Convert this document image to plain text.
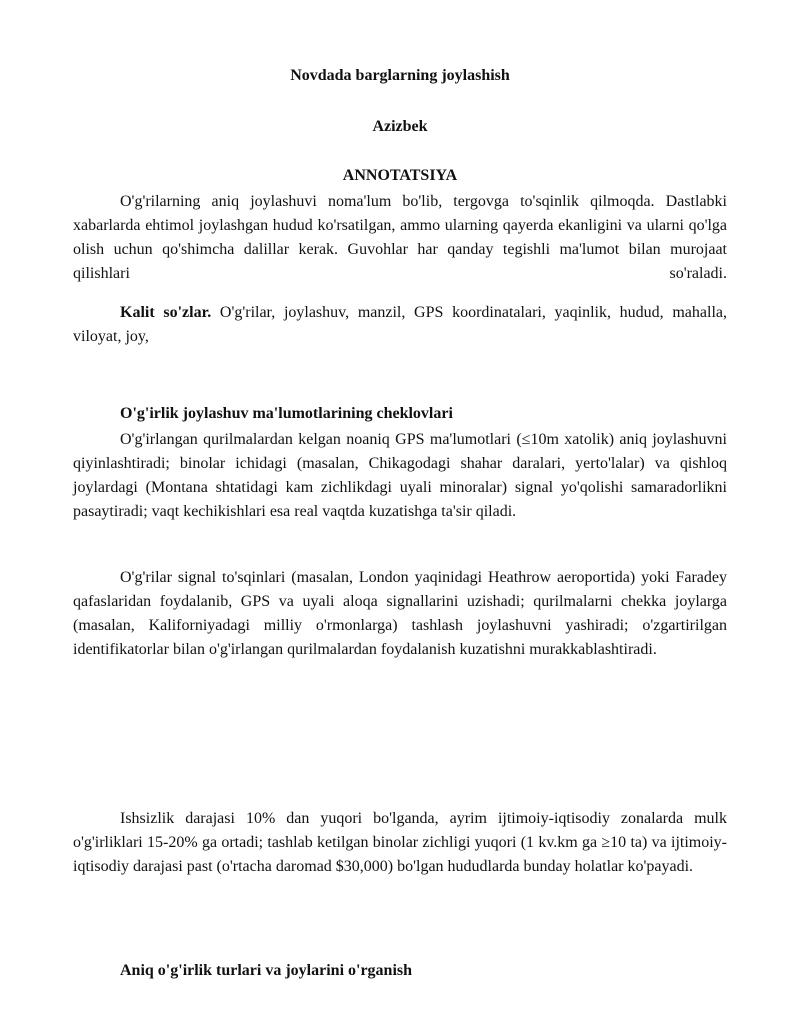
Novdada barglarning joylashish
Azizbek
ANNOTATSIYA

O'g'rilarning aniq joylashuvi noma'lum bo'lib, tergovga to'sqinlik qilmoqda. Dastlabki xabarlarda ehtimol joylashgan hudud ko'rsatilgan, ammo ularning qayerda ekanligini va ularni qo'lga olish uchun qo'shimcha dalillar kerak. Guvohlar har qanday tegishli ma'lumot bilan murojaat qilishlari so'raladi.

Kalit so'zlar. O'g'rilar, joylashuv, manzil, GPS koordinatalari, yaqinlik, hudud, mahalla, viloyat, joy,

O'g'irlik joylashuv ma'lumotlarining cheklovlari

O'g'irlangan qurilmalardan kelgan noaniq GPS ma'lumotlari (≤10m xatolik) aniq joylashuvni qiyinlashtiradi; binolar ichidagi (masalan, Chikagodagi shahar daralari, yerto'lalar) va qishloq joylardagi (Montana shtatidagi kam zichlikdagi uyali minoralar) signal yo'qolishi samaradorlikni pasaytiradi; vaqt kechikishlari esa real vaqtda kuzatishga ta'sir qiladi.

O'g'rilar signal to'sqinlari (masalan, London yaqinidagi Heathrow aeroportida) yoki Faradey qafaslaridan foydalanib, GPS va uyali aloqa signallarini uzishadi; qurilmalarni chekka joylarga (masalan, Kaliforniyadagi milliy o'rmonlarga) tashlash joylashuvni yashiradi; o'zgartirilgan identifikatorlar bilan o'g'irlangan qurilmalardan foydalanish kuzatishni murakkablashtiradi.

Ishsizlik darajasi 10% dan yuqori bo'lganda, ayrim ijtimoiy-iqtisodiy zonalarda mulk o'g'irliklari 15-20% ga ortadi; tashlab ketilgan binolar zichligi yuqori (1 kv.km ga ≥10 ta) va ijtimoiy-iqtisodiy darajasi past (o'rtacha daromad $30,000) bo'lgan hududlarda bunday holatlar ko'payadi.

Aniq o'g'irlik turlari va joylarini o'rganish
